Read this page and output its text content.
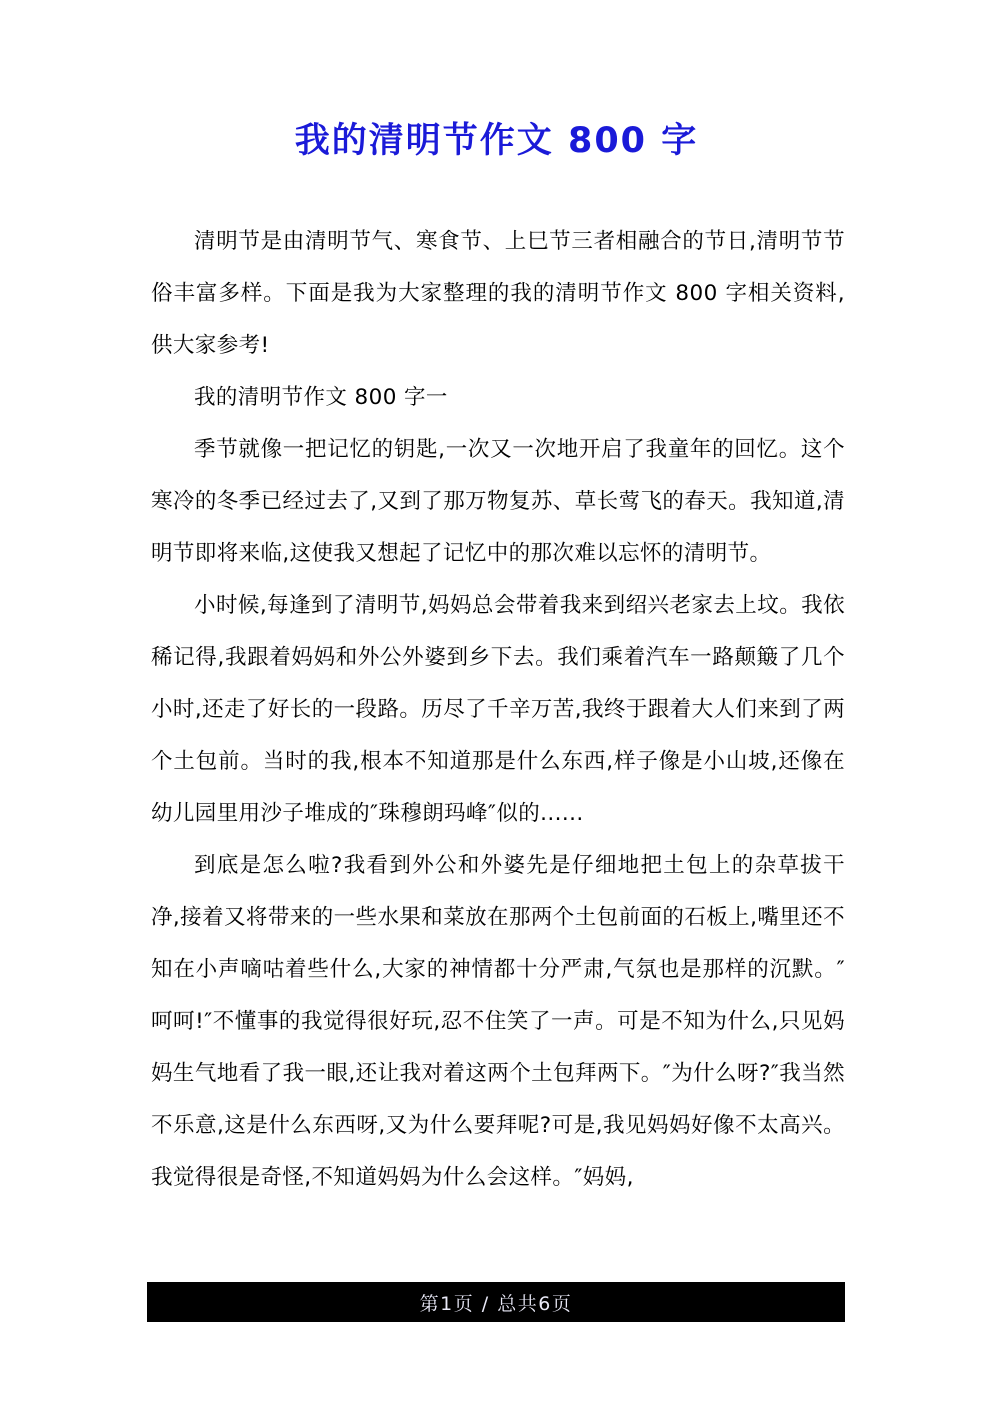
我的清明节作文 800 字

清明节是由清明节气、寒食节、上巳节三者相融合的节日,清明节节俗丰富多样。下面是我为大家整理的我的清明节作文 800 字相关资料,供大家参考!

我的清明节作文 800 字一

季节就像一把记忆的钥匙,一次又一次地开启了我童年的回忆。这个寒冷的冬季已经过去了,又到了那万物复苏、草长莺飞的春天。我知道,清明节即将来临,这使我又想起了记忆中的那次难以忘怀的清明节。

小时候,每逢到了清明节,妈妈总会带着我来到绍兴老家去上坟。我依稀记得,我跟着妈妈和外公外婆到乡下去。我们乘着汽车一路颠簸了几个小时,还走了好长的一段路。历尽了千辛万苦,我终于跟着大人们来到了两个土包前。当时的我,根本不知道那是什么东西,样子像是小山坡,还像在幼儿园里用沙子堆成的″珠穆朗玛峰″似的......

到底是怎么啦?我看到外公和外婆先是仔细地把土包上的杂草拔干净,接着又将带来的一些水果和菜放在那两个土包前面的石板上,嘴里还不知在小声嘀咕着些什么,大家的神情都十分严肃,气氛也是那样的沉默。″呵呵!″不懂事的我觉得很好玩,忍不住笑了一声。可是不知为什么,只见妈妈生气地看了我一眼,还让我对着这两个土包拜两下。″为什么呀?″我当然不乐意,这是什么东西呀,又为什么要拜呢?可是,我见妈妈好像不太高兴。我觉得很是奇怪,不知道妈妈为什么会这样。″妈妈,

第1页 / 总共6页
